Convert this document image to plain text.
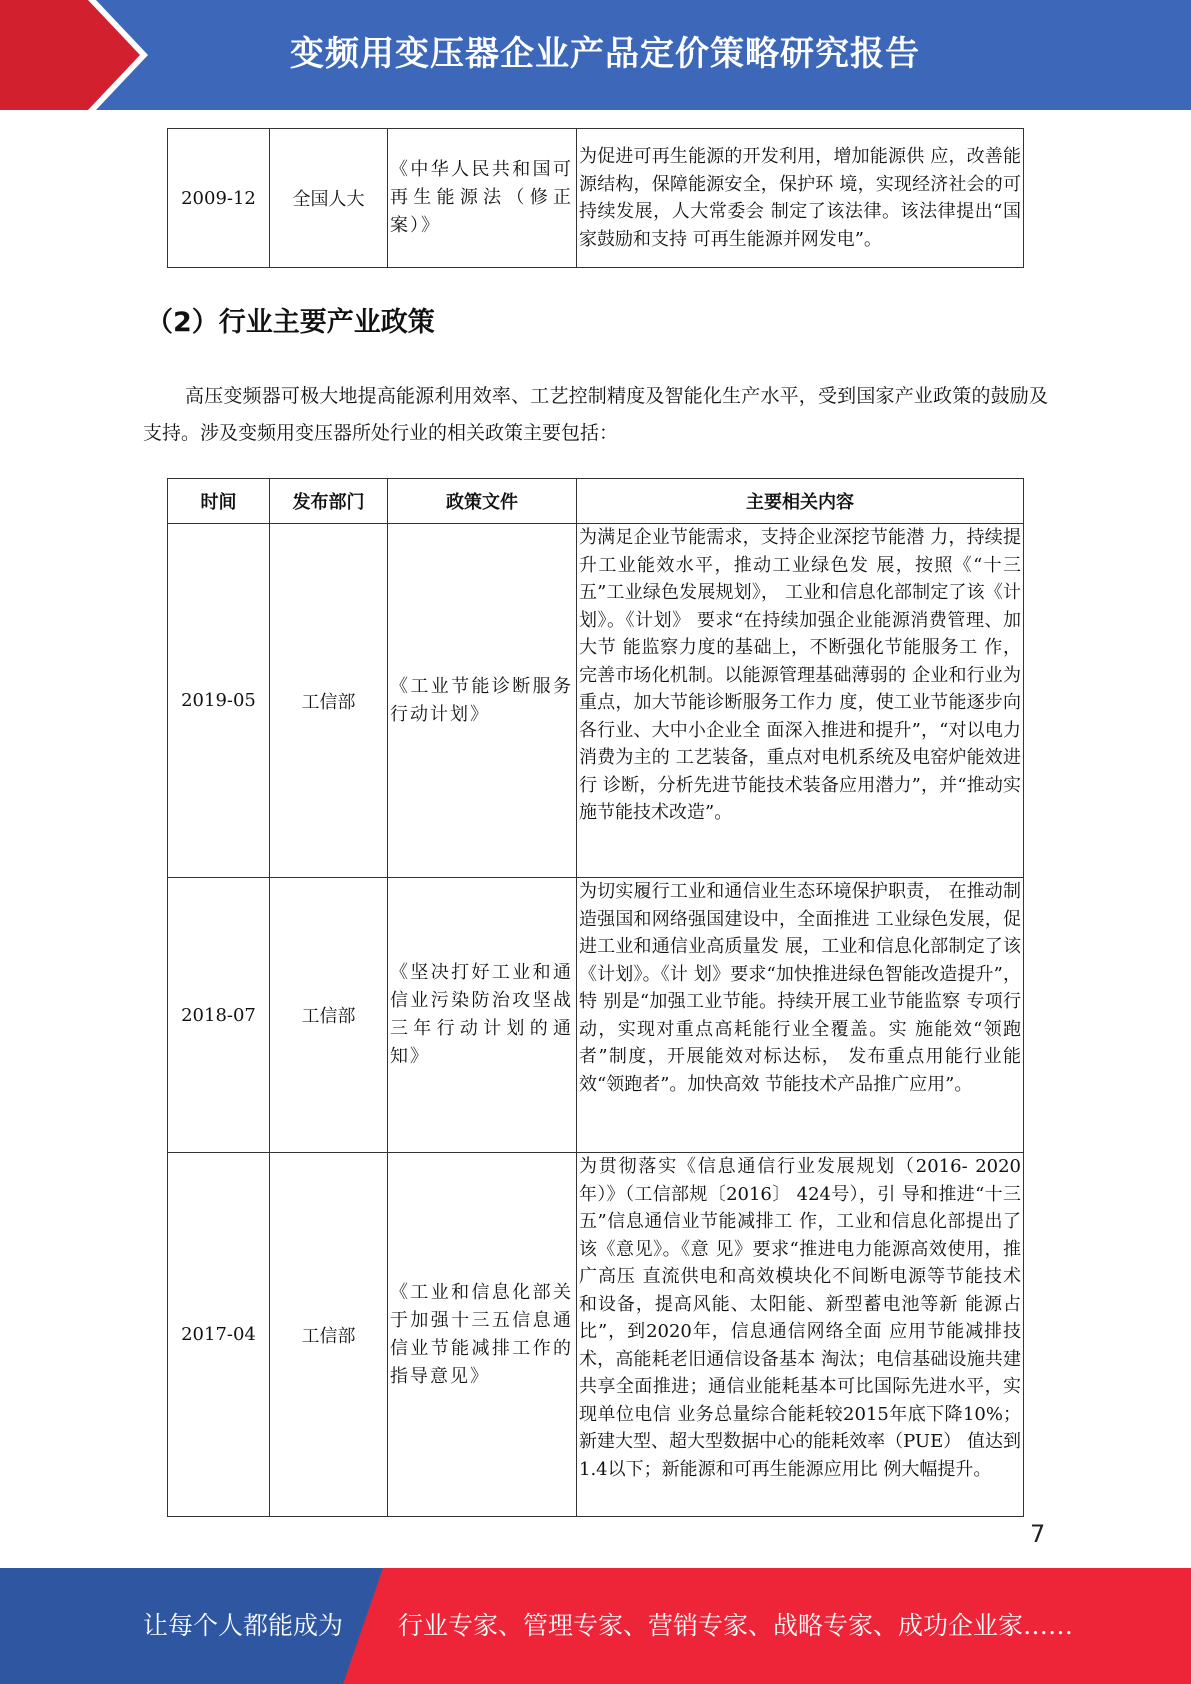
变频用变压器企业产品定价策略研究报告
2009-12	全国人大	《中华人民共和国可再生能源法（修正案）》	为促进可再生能源的开发利用，增加能源供 应，改善能源结构，保障能源安全，保护环 境，实现经济社会的可持续发展，人大常委会 制定了该法律。该法律提出“国家鼓励和支持 可再生能源并网发电”。
（2）行业主要产业政策

高压变频器可极大地提高能源利用效率、工艺控制精度及智能化生产水平，受到国家产业政策的鼓励及支持。涉及变频用变压器所处行业的相关政策主要包括：

时间	发布部门	政策文件	主要相关内容
2019-05	工信部	《工业节能诊断服务行动计划》	为满足企业节能需求，支持企业深挖节能潜 力，持续提升工业能效水平，推动工业绿色发 展，按照《“十三五”工业绿色发展规划》， 工业和信息化部制定了该《计划》。《计划》 要求“在持续加强企业能源消费管理、加大节 能监察力度的基础上，不断强化节能服务工 作，完善市场化机制。以能源管理基础薄弱的 企业和行业为重点，加大节能诊断服务工作力 度，使工业节能逐步向各行业、大中小企业全 面深入推进和提升”，“对以电力消费为主的 工艺装备，重点对电机系统及电窑炉能效进行 诊断，分析先进节能技术装备应用潜力”，并“推动实施节能技术改造”。
2018-07	工信部	《坚决打好工业和通信业污染防治攻坚战三年行动计划的通知》	为切实履行工业和通信业生态环境保护职责， 在推动制造强国和网络强国建设中，全面推进 工业绿色发展，促进工业和通信业高质量发 展，工业和信息化部制定了该《计划》。《计 划》要求“加快推进绿色智能改造提升”，特 别是“加强工业节能。持续开展工业节能监察 专项行动，实现对重点高耗能行业全覆盖。实 施能效“领跑者”制度，开展能效对标达标， 发布重点用能行业能效“领跑者”。加快高效 节能技术产品推广应用”。
2017-04	工信部	《工业和信息化部关于加强十三五信息通信业节能减排工作的指导意见》	为贯彻落实《信息通信行业发展规划（2016- 2020年）》（工信部规〔2016〕 424号），引 导和推进“十三五”信息通信业节能减排工 作，工业和信息化部提出了该《意见》。《意 见》要求“推进电力能源高效使用，推广高压 直流供电和高效模块化不间断电源等节能技术 和设备，提高风能、太阳能、新型蓄电池等新 能源占比”，到2020年，信息通信网络全面 应用节能减排技术，高能耗老旧通信设备基本 淘汰；电信基础设施共建共享全面推进；通信业能耗基本可比国际先进水平，实现单位电信 业务总量综合能耗较2015年底下降10%；新建大型、超大型数据中心的能耗效率（PUE） 值达到1.4以下；新能源和可再生能源应用比 例大幅提升。
7
让每个人都能成为 行业专家、管理专家、营销专家、战略专家、成功企业家……
